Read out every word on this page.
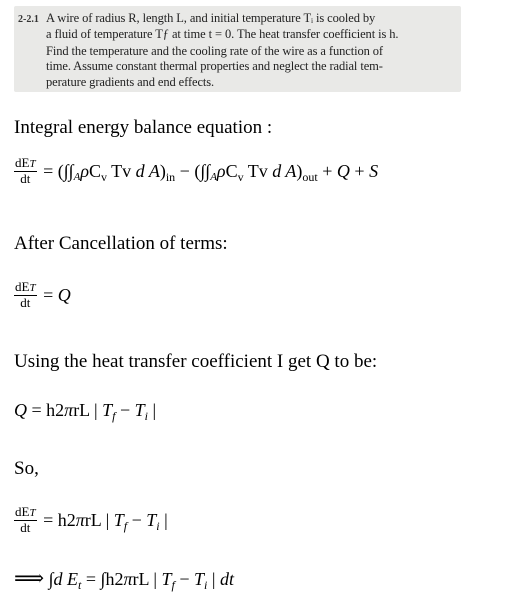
2-2.1 A wire of radius R, length L, and initial temperature Tᵢ is cooled by
a fluid of temperature Tƒ at time t = 0. The heat transfer coefficient is h.
Find the temperature and the cooling rate of the wire as a function of
time. Assume constant thermal properties and neglect the radial tem-
perature gradients and end effects.
Integral energy balance equation :
$\frac{\text{dET}}{dt} = (\int\int A\rho C_v$ Tv d $A)_{in} - (\int\int A\rho C_v$ Tv d $A)_{out} + Q + S$
After Cancellation of terms:
$\frac{\text{dET}}{dt} = Q$
Using the heat transfer coefficient I get Q to be:
Q = h2πrL | $T_f - T_i$ |
So,
$\frac{\text{dET}}{dt} = h2\pi rL$ | $T_f - T_i$ |
⟹ ∫d $E_t = \int h2\pi rL$ | $T_f - T_i$ | dt
